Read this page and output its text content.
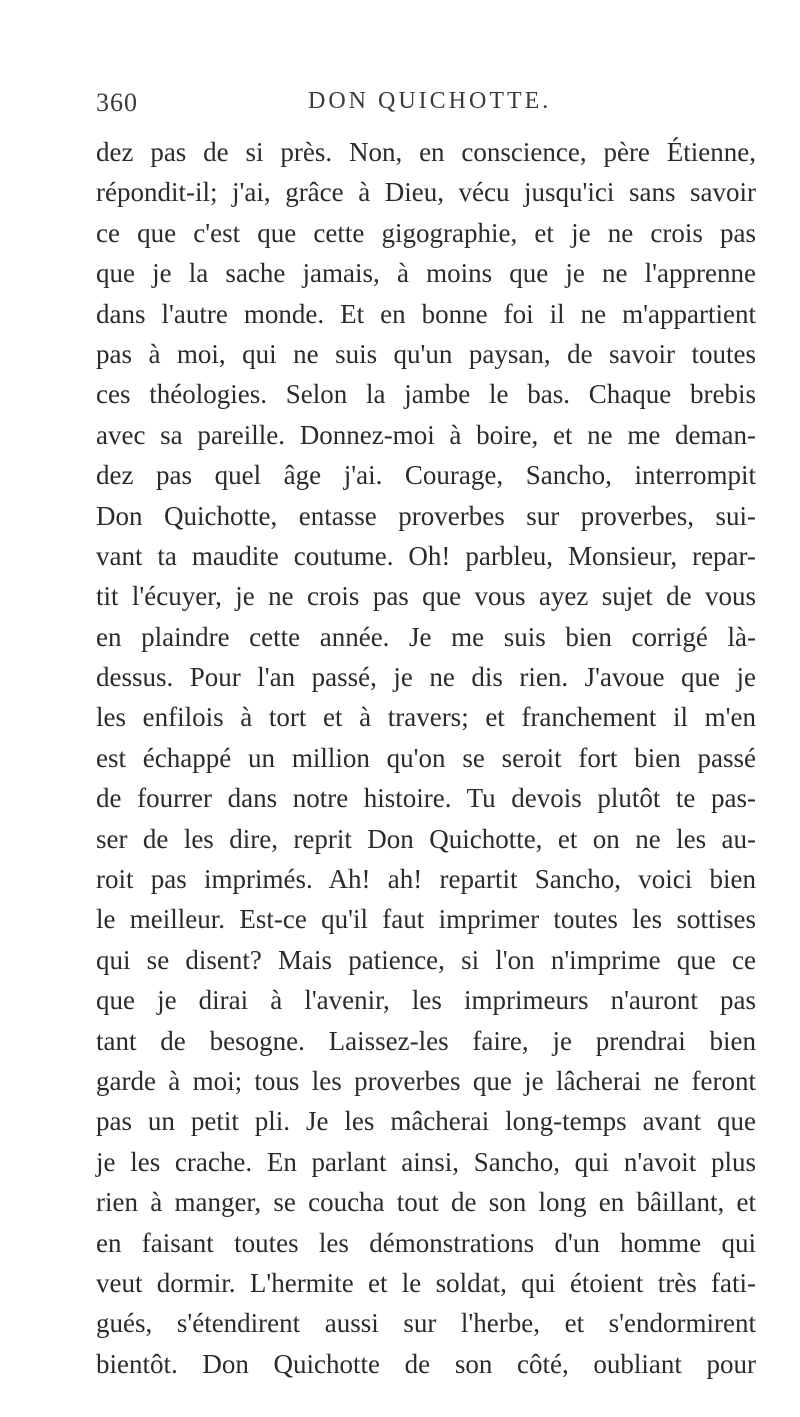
360	DON QUICHOTTE.
dez pas de si près. Non, en conscience, père Étienne,
répondit-il; j'ai, grâce à Dieu, vécu jusqu'ici sans savoir
ce que c'est que cette gigographie, et je ne crois pas
que je la sache jamais, à moins que je ne l'apprenne
dans l'autre monde. Et en bonne foi il ne m'appartient
pas à moi, qui ne suis qu'un paysan, de savoir toutes
ces théologies. Selon la jambe le bas. Chaque brebis
avec sa pareille. Donnez-moi à boire, et ne me deman-
dez pas quel âge j'ai. Courage, Sancho, interrompit
Don Quichotte, entasse proverbes sur proverbes, sui-
vant ta maudite coutume. Oh! parbleu, Monsieur, repar-
tit l'écuyer, je ne crois pas que vous ayez sujet de vous
en plaindre cette année. Je me suis bien corrigé là-
dessus. Pour l'an passé, je ne dis rien. J'avoue que je
les enfilois à tort et à travers; et franchement il m'en
est échappé un million qu'on se seroit fort bien passé
de fourrer dans notre histoire. Tu devois plutôt te pas-
ser de les dire, reprit Don Quichotte, et on ne les au-
roit pas imprimés. Ah! ah! repartit Sancho, voici bien
le meilleur. Est-ce qu'il faut imprimer toutes les sottises
qui se disent? Mais patience, si l'on n'imprime que ce
que je dirai à l'avenir, les imprimeurs n'auront pas
tant de besogne. Laissez-les faire, je prendrai bien
garde à moi; tous les proverbes que je lâcherai ne feront
pas un petit pli. Je les mâcherai long-temps avant que
je les crache. En parlant ainsi, Sancho, qui n'avoit plus
rien à manger, se coucha tout de son long en bâillant, et
en faisant toutes les démonstrations d'un homme qui
veut dormir. L'hermite et le soldat, qui étoient très fati-
gués, s'étendirent aussi sur l'herbe, et s'endormirent
bientôt. Don Quichotte de son côté, oubliant pour
